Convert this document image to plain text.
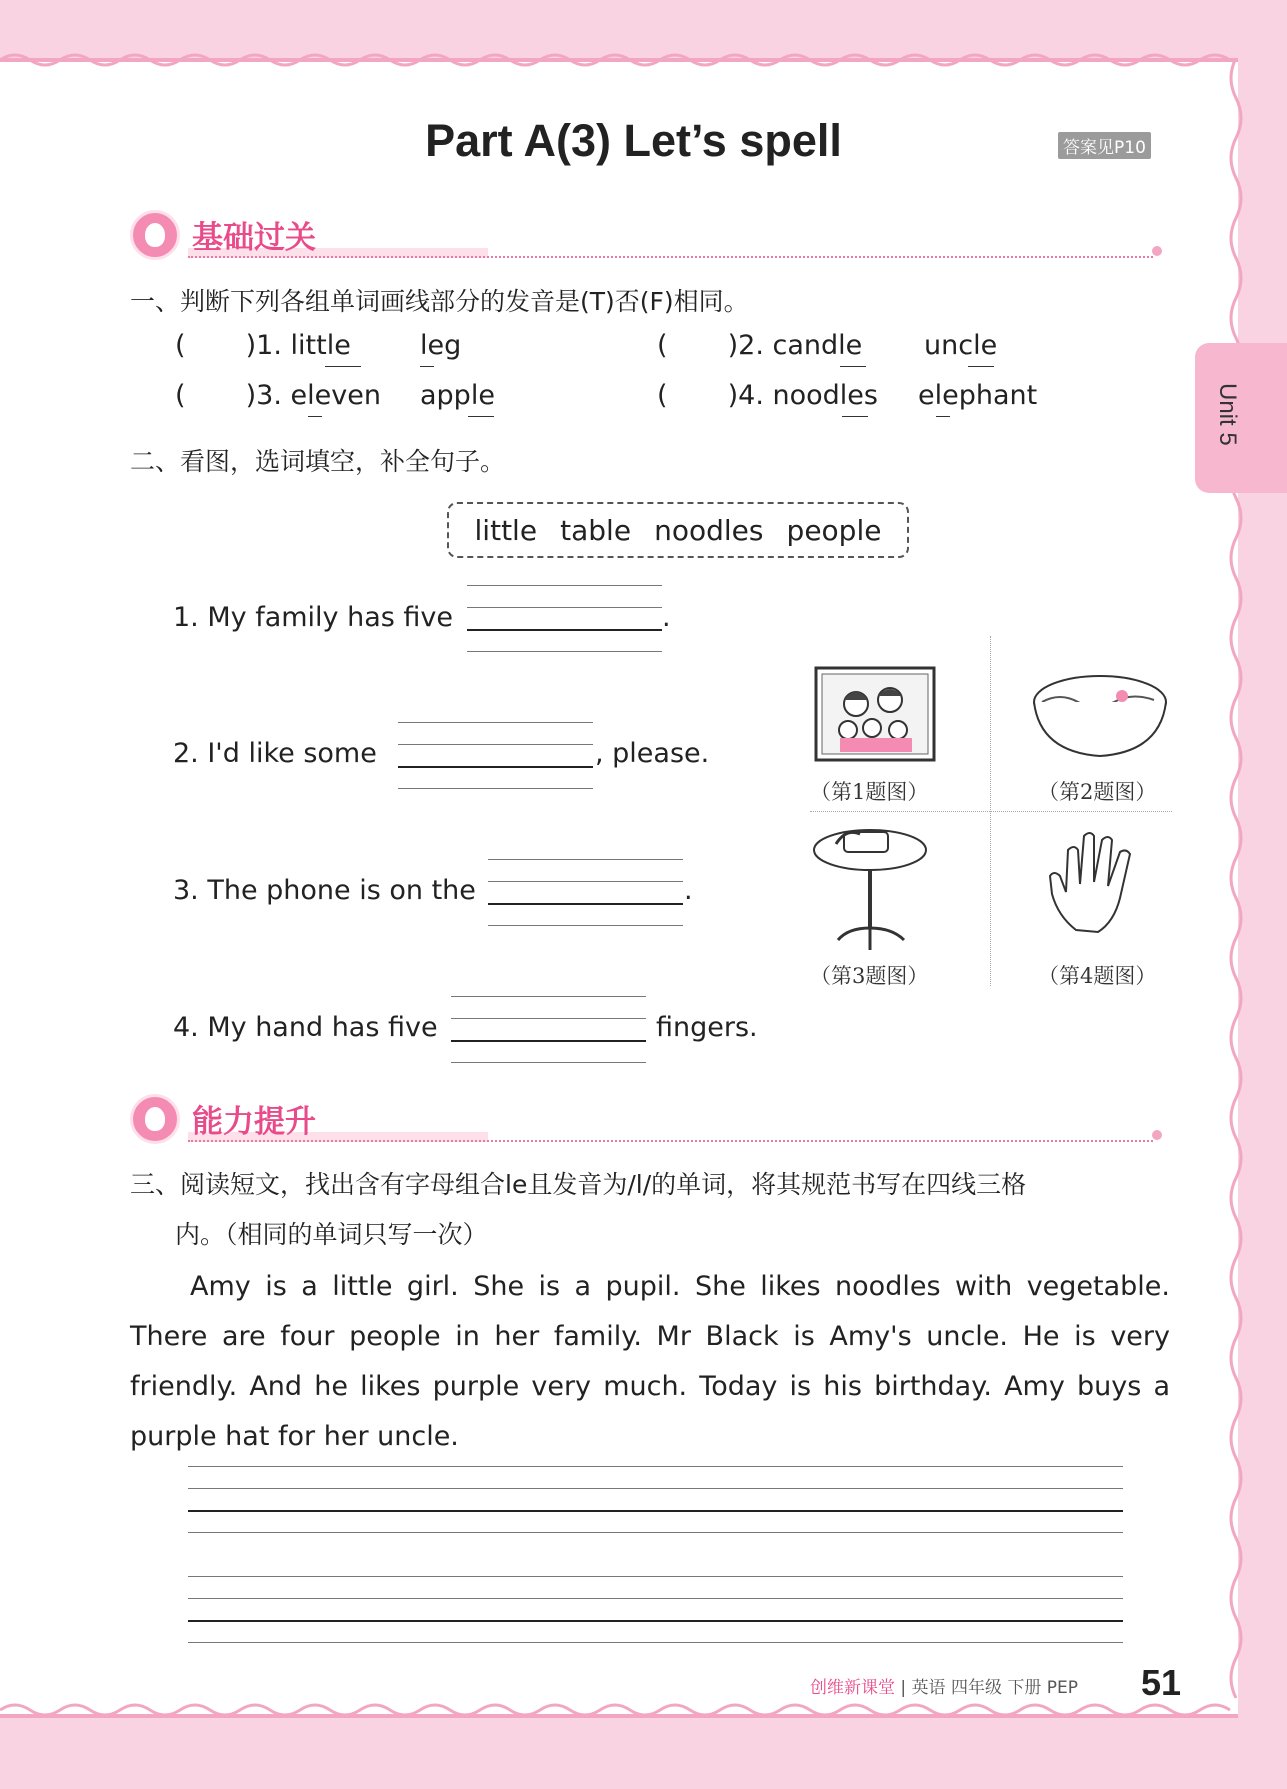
Part A(3) Let’s spell	答案见P10
Unit 5
基础过关
一、判断下列各组单词画线部分的发音是(T)否(F)相同。
(       )1. little	leg	(       )2. candle uncle
(       )3. eleven apple	(       )4. noodles elephant
二、看图，选词填空，补全句子。
little table noodles people
1. My family has five	.
2. I'd like some	, please.
3. The phone is on the	.
4. My hand has five	fingers.
（第1题图）	（第2题图）
（第3题图）	（第4题图）
能力提升
三、阅读短文，找出含有字母组合le且发音为/l/的单词，将其规范书写在四线三格
内。（相同的单词只写一次）
Amy is a little girl. She is a pupil. She likes noodles with vegetable. There are four people in her family. Mr Black is Amy's uncle. He is very friendly. And he likes purple very much. Today is his birthday. Amy buys a purple hat for her uncle.
创维新课堂 | 英语 四年级 下册 PEP 51
